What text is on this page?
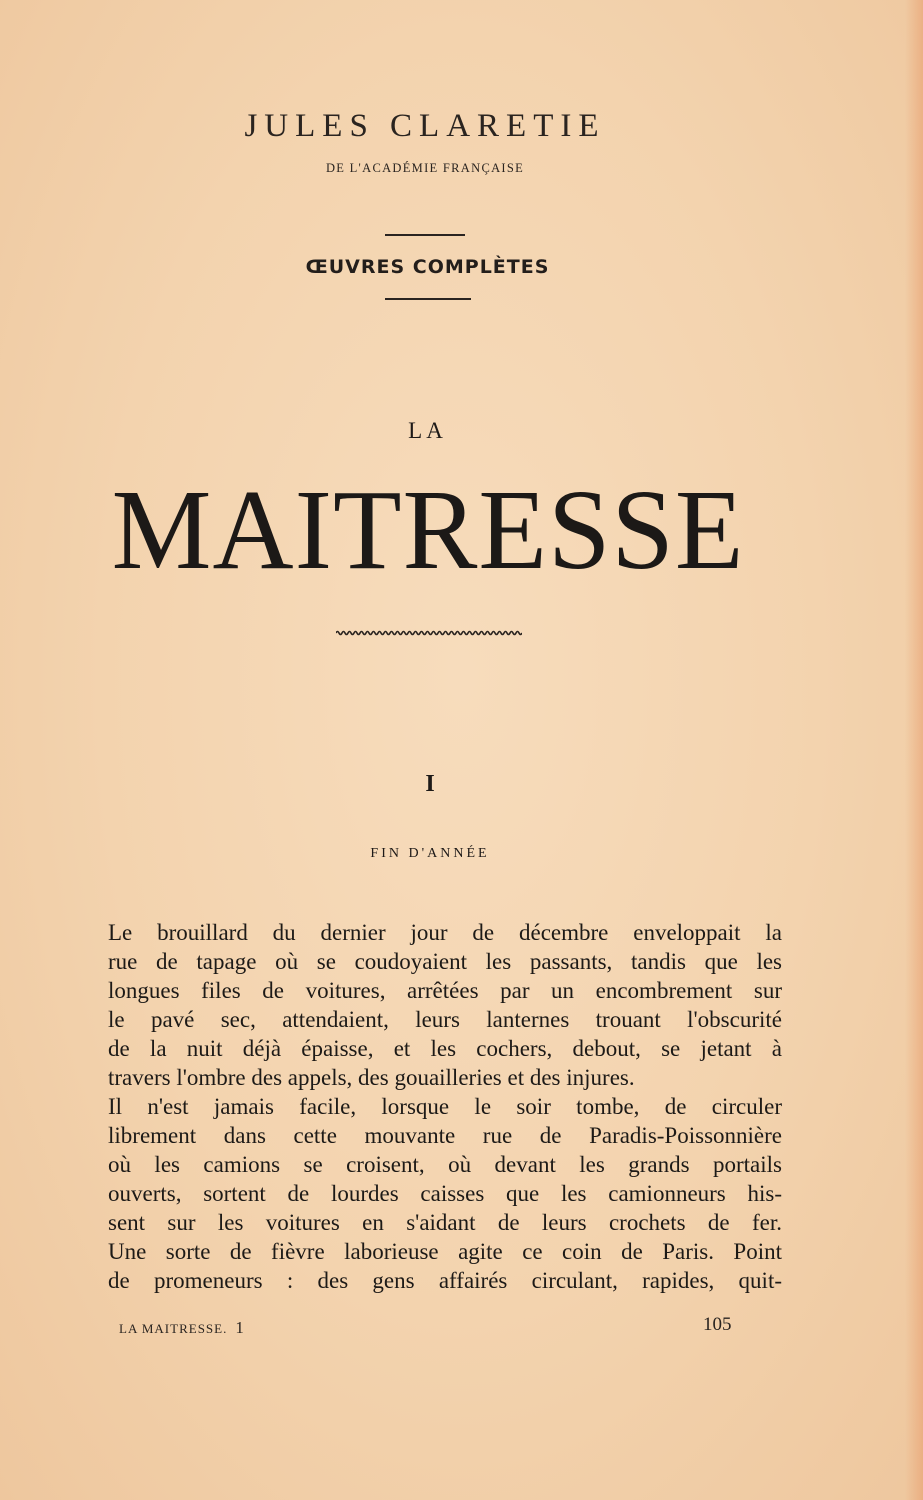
JULES CLARETIE
DE L'ACADÉMIE FRANÇAISE
ŒUVRES COMPLÈTES
LA
MAITRESSE
I
FIN D'ANNÉE
Le brouillard du dernier jour de décembre enveloppait la
rue de tapage où se coudoyaient les passants, tandis que les
longues files de voitures, arrêtées par un encombrement sur
le pavé sec, attendaient, leurs lanternes trouant l'obscurité
de la nuit déjà épaisse, et les cochers, debout, se jetant à
travers l'ombre des appels, des gouailleries et des injures.
Il n'est jamais facile, lorsque le soir tombe, de circuler
librement dans cette mouvante rue de Paradis-Poissonnière
où les camions se croisent, où devant les grands portails
ouverts, sortent de lourdes caisses que les camionneurs his-
sent sur les voitures en s'aidant de leurs crochets de fer.
Une sorte de fièvre laborieuse agite ce coin de Paris. Point
de promeneurs : des gens affairés circulant, rapides, quit-
LA MAITRESSE. 1	105
